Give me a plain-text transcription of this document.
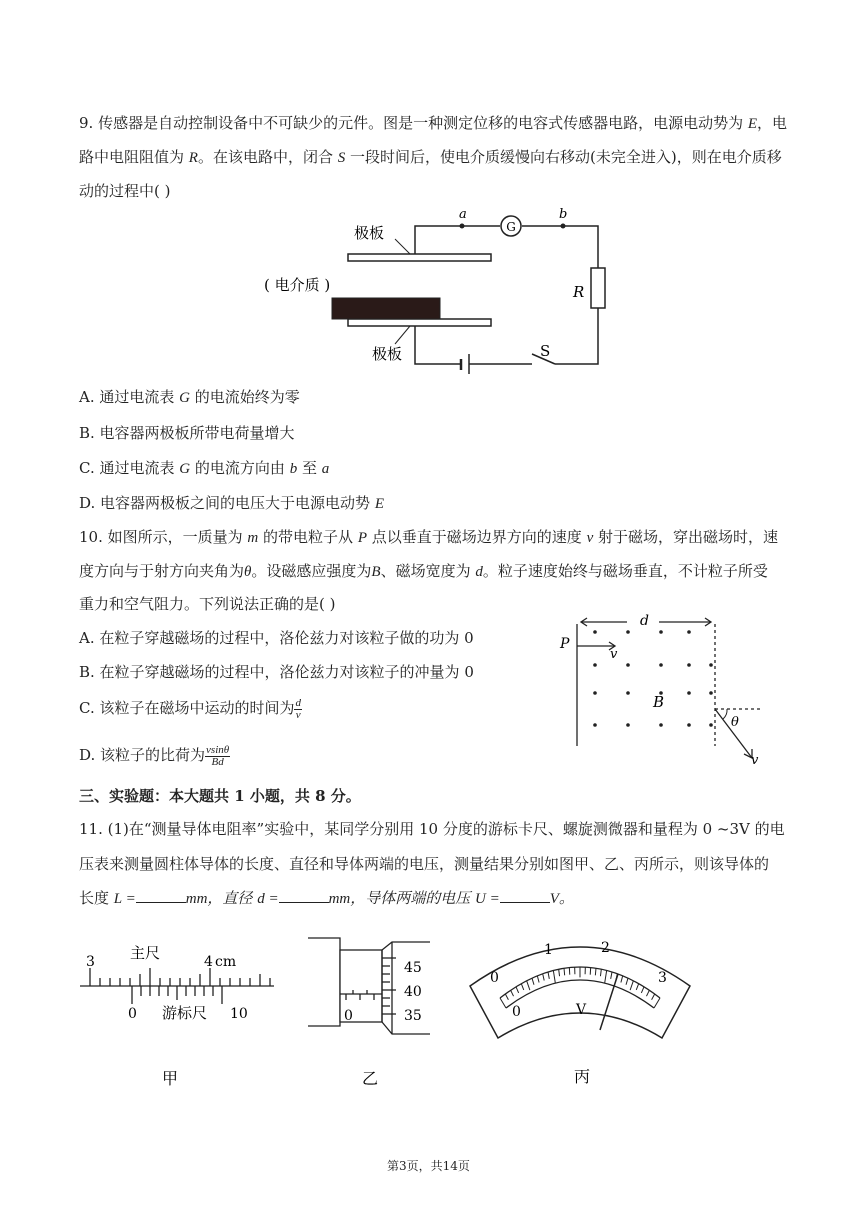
9. 传感器是自动控制设备中不可缺少的元件。图是一种测定位移的电容式传感器电路，电源电动势为 E，电
路中电阻阻值为 R。在该电路中，闭合 S 一段时间后，使电介质缓慢向右移动(未完全进入)，则在电介质移
动的过程中( )
G
a	b
极板
极板
( 电介质 )	R
S
A. 通过电流表 G 的电流始终为零
B. 电容器两极板所带电荷量增大
C. 通过电流表 G 的电流方向由 b 至 a
D. 电容器两极板之间的电压大于电源电动势 E
10. 如图所示，一质量为 m 的带电粒子从 P 点以垂直于磁场边界方向的速度 v 射于磁场，穿出磁场时，速
度方向与于射方向夹角为θ。设磁感应强度为B、磁场宽度为 d。粒子速度始终与磁场垂直，不计粒子所受
重力和空气阻力。下列说法正确的是( )
A. 在粒子穿越磁场的过程中，洛伦兹力对该粒子做的功为 0
B. 在粒子穿越磁场的过程中，洛伦兹力对该粒子的冲量为 0
C. 该粒子在磁场中运动的时间为 $\frac{d}{v}$
D. 该粒子的比荷为 $\frac{vsin\theta}{Bd}$
d
P
v
B
θ
v
三、实验题：本大题共 1 小题，共 8 分。
11. (1)在“测量导体电阻率”实验中，某同学分别用 10 分度的游标卡尺、螺旋测微器和量程为 0 ~3V 的电
压表来测量圆柱体导体的长度、直径和导体两端的电压，测量结果分别如图甲、乙、丙所示，则该导体的
长度 L =	mm，直径 d =	mm，导体两端的电压 U =	V。
3 主尺	4 cm
0 游标尺 10
甲
45
40
35
0
乙
0
1	2
3
0	V
丙
第3页，共14页
